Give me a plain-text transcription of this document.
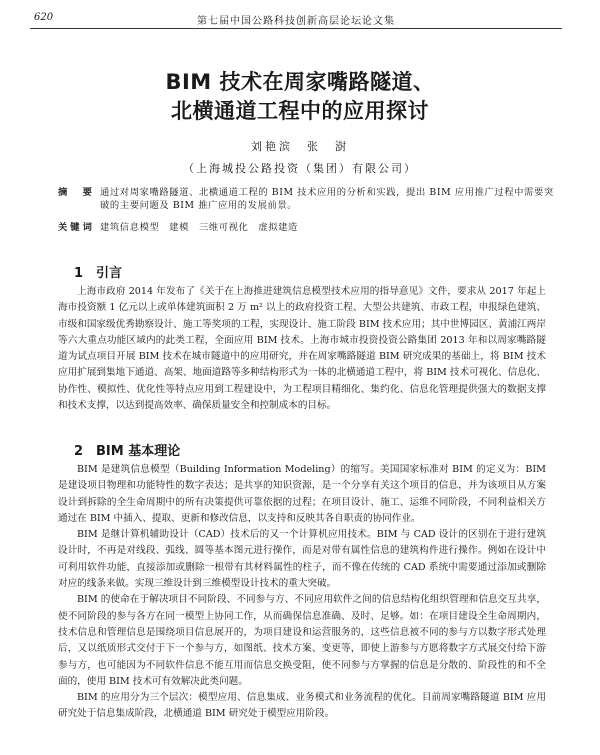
620	第七届中国公路科技创新高层论坛论文集
BIM 技术在周家嘴路隧道、
北横通道工程中的应用探讨
刘艳滨　张　澍
（上海城投公路投资（集团）有限公司）
摘　要 通过对周家嘴路隧道、北横通道工程的 BIM 技术应用的分析和实践，提出 BIM 应用推广过程中需要突破的主要问题及 BIM 推广应用的发展前景。
关键词 建筑信息模型　建模　三维可视化　虚拟建造
1 引言

上海市政府 2014 年发布了《关于在上海推进建筑信息模型技术应用的指导意见》文件，要求从 2017 年起上海市投资额 1 亿元以上或单体建筑面积 2 万 m² 以上的政府投资工程、大型公共建筑、市政工程，申报绿色建筑、市级和国家级优秀勘察设计、施工等奖项的工程，实现设计、施工阶段 BIM 技术应用；其中世博园区、黄浦江两岸等六大重点功能区域内的此类工程，全面应用 BIM 技术。上海市城市投资投资公路集团 2013 年和以周家嘴路隧道为试点项目开展 BIM 技术在城市隧道中的应用研究，并在周家嘴路隧道 BIM 研究成果的基础上，将 BIM 技术应用扩展到集地下通道、高架、地面道路等多种结构形式为一体的北横通道工程中，将 BIM 技术可视化、信息化、协作性、模拟性、优化性等特点应用到工程建设中，为工程项目精细化、集约化、信息化管理提供强大的数据支撑和技术支撑，以达到提高效率、确保质量安全和控制成本的目标。

2 BIM 基本理论

BIM 是建筑信息模型（Building Information Modeling）的缩写。美国国家标准对 BIM 的定义为：BIM 是建设项目物理和功能特性的数字表达；是共享的知识资源，是一个分享有关这个项目的信息，并为该项目从方案设计到拆除的全生命周期中的所有决策提供可靠依据的过程；在项目设计、施工、运维不同阶段，不同利益相关方通过在 BIM 中插入、提取、更新和修改信息，以支持和反映其各自职责的协同作业。

BIM 是继计算机辅助设计（CAD）技术后的又一个计算机应用技术。BIM 与 CAD 设计的区别在于进行建筑设计时，不再是对线段、弧线、圆等基本图元进行操作，而是对带有属性信息的建筑构件进行操作。例如在设计中可利用软件功能，直接添加或删除一根带有其材料属性的柱子，而不像在传统的 CAD 系统中需要通过添加或删除对应的线条来做。实现三维设计到三维模型设计技术的重大突破。

BIM 的使命在于解决项目不同阶段、不同参与方、不同应用软件之间的信息结构化组织管理和信息交互共享，使不同阶段的参与各方在同一模型上协同工作，从而确保信息准确、及时、足够。如：在项目建设全生命周期内，技术信息和管理信息是围绕项目信息展开的，为项目建设和运营服务的，这些信息被不同的参与方以数字形式处理后，又以纸质形式交付于下一个参与方，如图纸、技术方案、变更等，即使上游参与方愿将数字方式展交付给下游参与方，也可能因为不同软件信息不能互用而信息交换受阻，使不同参与方掌握的信息是分散的、阶段性的和不全面的，使用 BIM 技术可有效解决此类问题。

BIM 的应用分为三个层次：模型应用、信息集成、业务模式和业务流程的优化。目前周家嘴路隧道 BIM 应用研究处于信息集成阶段，北横通道 BIM 研究处于模型应用阶段。
